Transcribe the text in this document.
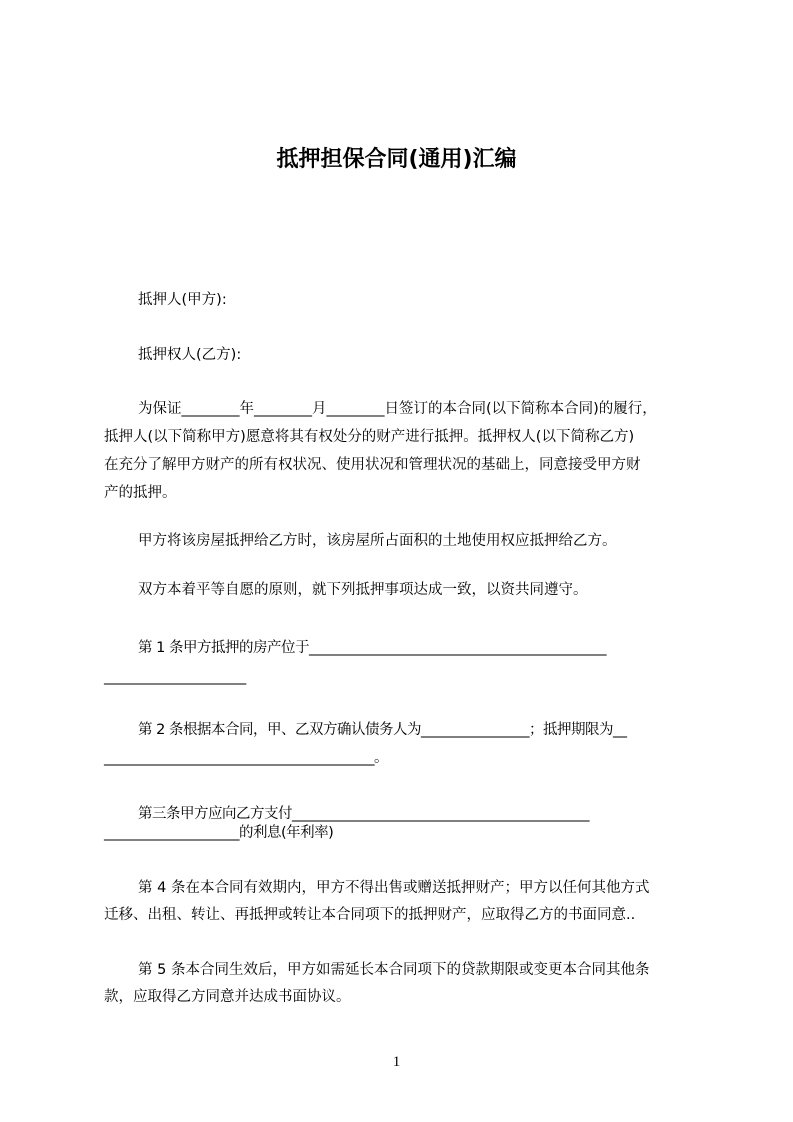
抵押担保合同(通用)汇编
抵押人(甲方):
抵押权人(乙方):
为保证________年________月________日签订的本合同(以下简称本合同)的履行，
抵押人(以下简称甲方)愿意将其有权处分的财产进行抵押。抵押权人(以下简称乙方)
在充分了解甲方财产的所有权状况、使用状况和管理状况的基础上，同意接受甲方财
产的抵押。
甲方将该房屋抵押给乙方时，该房屋所占面积的土地使用权应抵押给乙方。
双方本着平等自愿的原则，就下列抵押事项达成一致，以资共同遵守。
第 1 条甲方抵押的房产位于____________________________________________
_____________________
第 2 条根据本合同，甲、乙双方确认债务人为________________；抵押期限为__
________________________________________。
第三条甲方应向乙方支付____________________________________________
____________________的利息(年利率)
第 4 条在本合同有效期内，甲方不得出售或赠送抵押财产；甲方以任何其他方式
迁移、出租、转让、再抵押或转让本合同项下的抵押财产，应取得乙方的书面同意..
第 5 条本合同生效后，甲方如需延长本合同项下的贷款期限或变更本合同其他条
款，应取得乙方同意并达成书面协议。
1
